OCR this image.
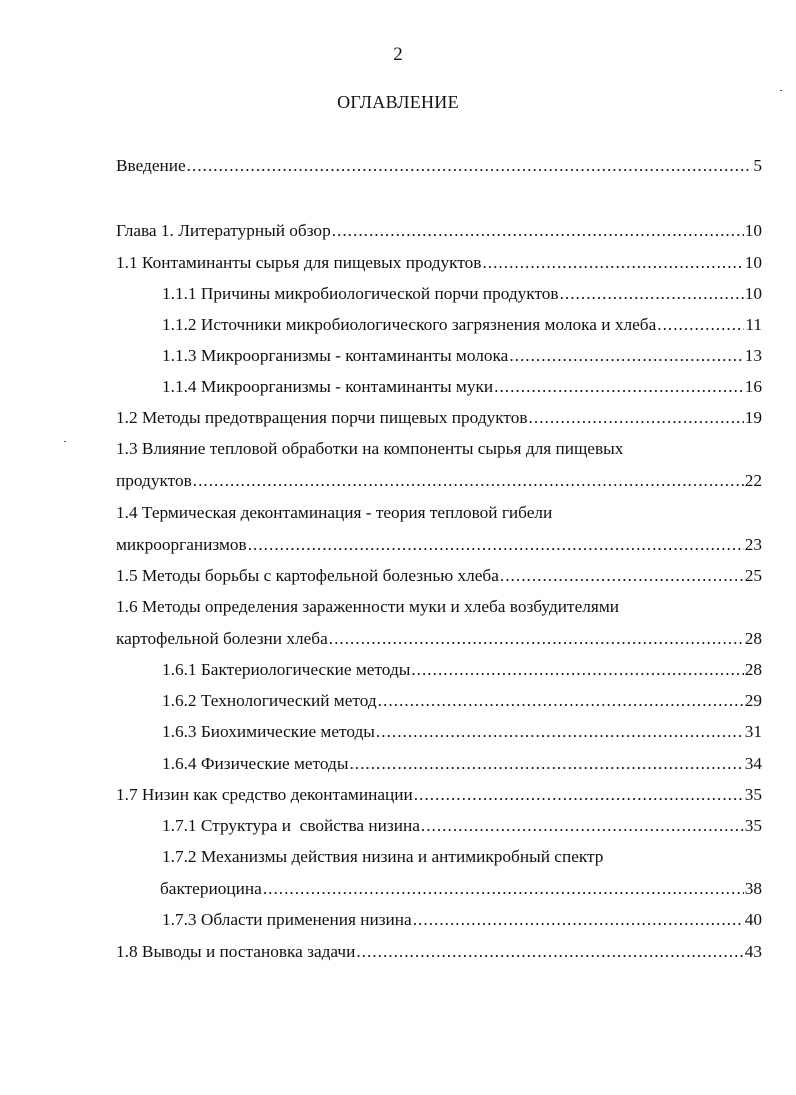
2
ОГЛАВЛЕНИЕ
Введение .....	5
Глава 1. Литературный обзор .....	10
1.1 Контаминанты сырья для пищевых продуктов .....	10
1.1.1 Причины микробиологической порчи продуктов .....	10
1.1.2 Источники микробиологического загрязнения молока и хлеба .....	11
1.1.3 Микроорганизмы - контаминанты молока .....	13
1.1.4 Микроорганизмы - контаминанты муки .....	16
1.2 Методы предотвращения порчи пищевых продуктов .....	19
1.3 Влияние тепловой обработки на компоненты сырья для пищевых
продуктов .....	22
1.4 Термическая деконтаминация - теория тепловой гибели
микроорганизмов .....	23
1.5 Методы борьбы с картофельной болезнью хлеба .....	25
1.6 Методы определения зараженности муки и хлеба возбудителями
картофельной болезни хлеба .....	28
1.6.1 Бактериологические методы .....	28
1.6.2 Технологический метод .....	29
1.6.3 Биохимические методы .....	31
1.6.4 Физические методы .....	34
1.7 Низин как средство деконтаминации .....	35
1.7.1 Структура и  свойства низина .....	35
1.7.2 Механизмы действия низина и антимикробный спектр
бактериоцина .....	38
1.7.3 Области применения низина .....	40
1.8 Выводы и постановка задачи .....	43
